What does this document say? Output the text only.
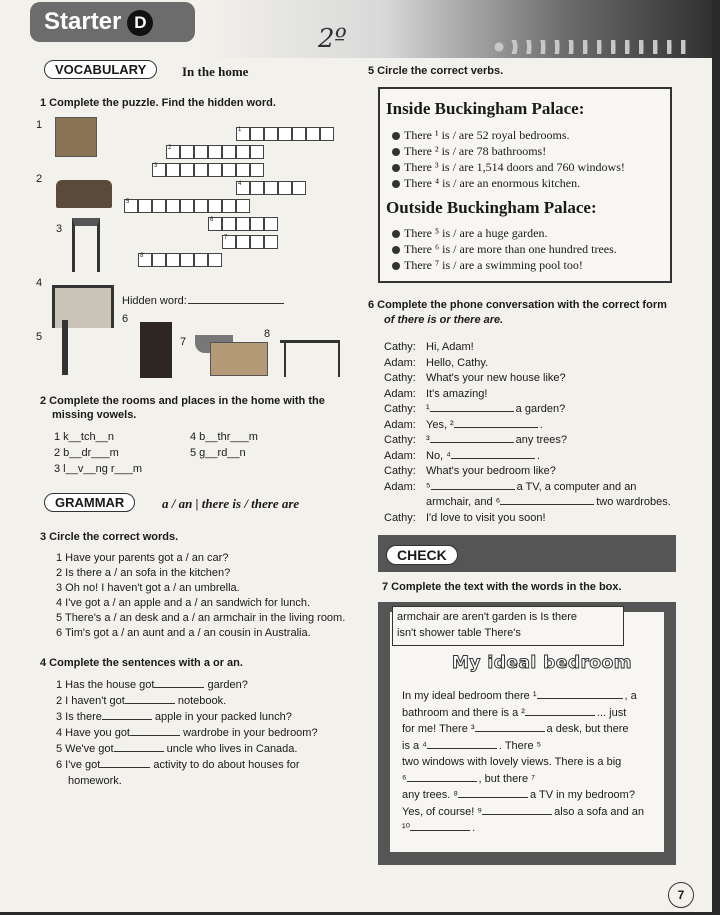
Starter D
2º
VOCABULARY	In the home
1 Complete the puzzle. Find the hidden word.
1
2
3
4
Hidden word:
6
5	7
8
1
2
3
4
5
6
7
8
2 Complete the rooms and places in the home with the
missing vowels.
1 k__tch__n	4 b__thr___m
2 b__dr___m	5 g__rd__n
3 l__v__ng r___m
GRAMMAR	a / an | there is / there are
3 Circle the correct words.
1 Have your parents got a / an car?
2 Is there a / an sofa in the kitchen?
3 Oh no! I haven't got a / an umbrella.
4 I've got a / an apple and a / an sandwich for lunch.
5 There's a / an desk and a / an armchair in the living room.
6 Tim's got a / an aunt and a / an cousin in Australia.
4 Complete the sentences with a or an.
1 Has the house got	garden?
2 I haven't got	notebook.
3 Is there	apple in your packed lunch?
4 Have you got	wardrobe in your bedroom?
5 We've got	uncle who lives in Canada.
6 I've got	activity to do about houses for
homework.
5 Circle the correct verbs.
Inside Buckingham Palace:
There ¹ is / are 52 royal bedrooms.
There ² is / are 78 bathrooms!
There ³ is / are 1,514 doors and 760 windows!
There ⁴ is / are an enormous kitchen.
Outside Buckingham Palace:
There ⁵ is / are a huge garden.
There ⁶ is / are more than one hundred trees.
There ⁷ is / are a swimming pool too!
6 Complete the phone conversation with the correct form
of there is or there are.
Cathy: Hi, Adam!
Adam: Hello, Cathy.
Cathy: What's your new house like?
Adam: It's amazing!
Cathy: ¹	a garden?
Adam: Yes, ²	.
Cathy: ³	any trees?
Adam: No, ⁴	.
Cathy: What's your bedroom like?
Adam: ⁵	a TV, a computer and an
armchair, and ⁶	two wardrobes.
Cathy: I'd love to visit you soon!
CHECK
7 Complete the text with the words in the box.
armchair are aren't garden is Is there
isn't shower table There's
My ideal bedroom
In my ideal bedroom there ¹	, a
bathroom and there is a ²	... just
for me! There ³	a desk, but there
is a ⁴	. There ⁵
two windows with lovely views. There is a big
⁶	, but there ⁷
any trees. ⁸	a TV in my bedroom?
Yes, of course! ⁹	also a sofa and an
¹⁰	.
7
